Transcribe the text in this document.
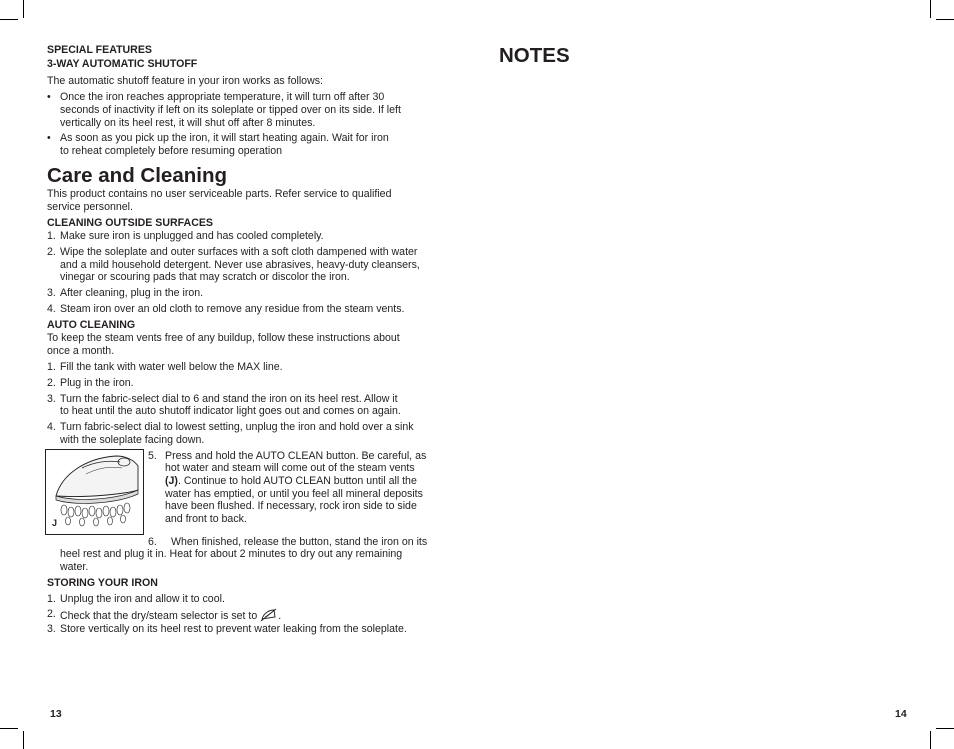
SPECIAL FEATURES
3-WAY AUTOMATIC SHUTOFF
The automatic shutoff feature in your iron works as follows:
• Once the iron reaches appropriate temperature, it will turn off after 30
seconds of inactivity if left on its soleplate or tipped over on its side. If left
vertically on its heel rest, it will shut off after 8 minutes.
• As soon as you pick up the iron, it will start heating again. Wait for iron
to reheat completely before resuming operation
Care and Cleaning
This product contains no user serviceable parts. Refer service to qualified
service personnel.
CLEANING OUTSIDE SURFACES
1. Make sure iron is unplugged and has cooled completely.
2. Wipe the soleplate and outer surfaces with a soft cloth dampened with water
and a mild household detergent. Never use abrasives, heavy-duty cleansers,
vinegar or scouring pads that may scratch or discolor the iron.
3. After cleaning, plug in the iron.
4. Steam iron over an old cloth to remove any residue from the steam vents.
AUTO CLEANING
To keep the steam vents free of any buildup, follow these instructions about
once a month.
1. Fill the tank with water well below the MAX line.
2. Plug in the iron.
3. Turn the fabric-select dial to 6 and stand the iron on its heel rest. Allow it
to heat until the auto shutoff indicator light goes out and comes on again.
4. Turn fabric-select dial to lowest setting, unplug the iron and hold over a sink
with the soleplate facing down.
5. Press and hold the AUTO CLEAN button. Be careful, as
hot water and steam will come out of the steam vents
(J). Continue to hold AUTO CLEAN button until all the
water has emptied, or until you feel all mineral deposits
have been flushed. If necessary, rock iron side to side
and front to back.
6. When finished, release the button, stand the iron on its
heel rest and plug it in. Heat for about 2 minutes to dry out any remaining
water.
STORING YOUR IRON
1. Unplug the iron and allow it to cool.
2. Check that the dry/steam selector is set to .
3. Store vertically on its heel rest to prevent water leaking from the soleplate.
13
J
NOTES
14
